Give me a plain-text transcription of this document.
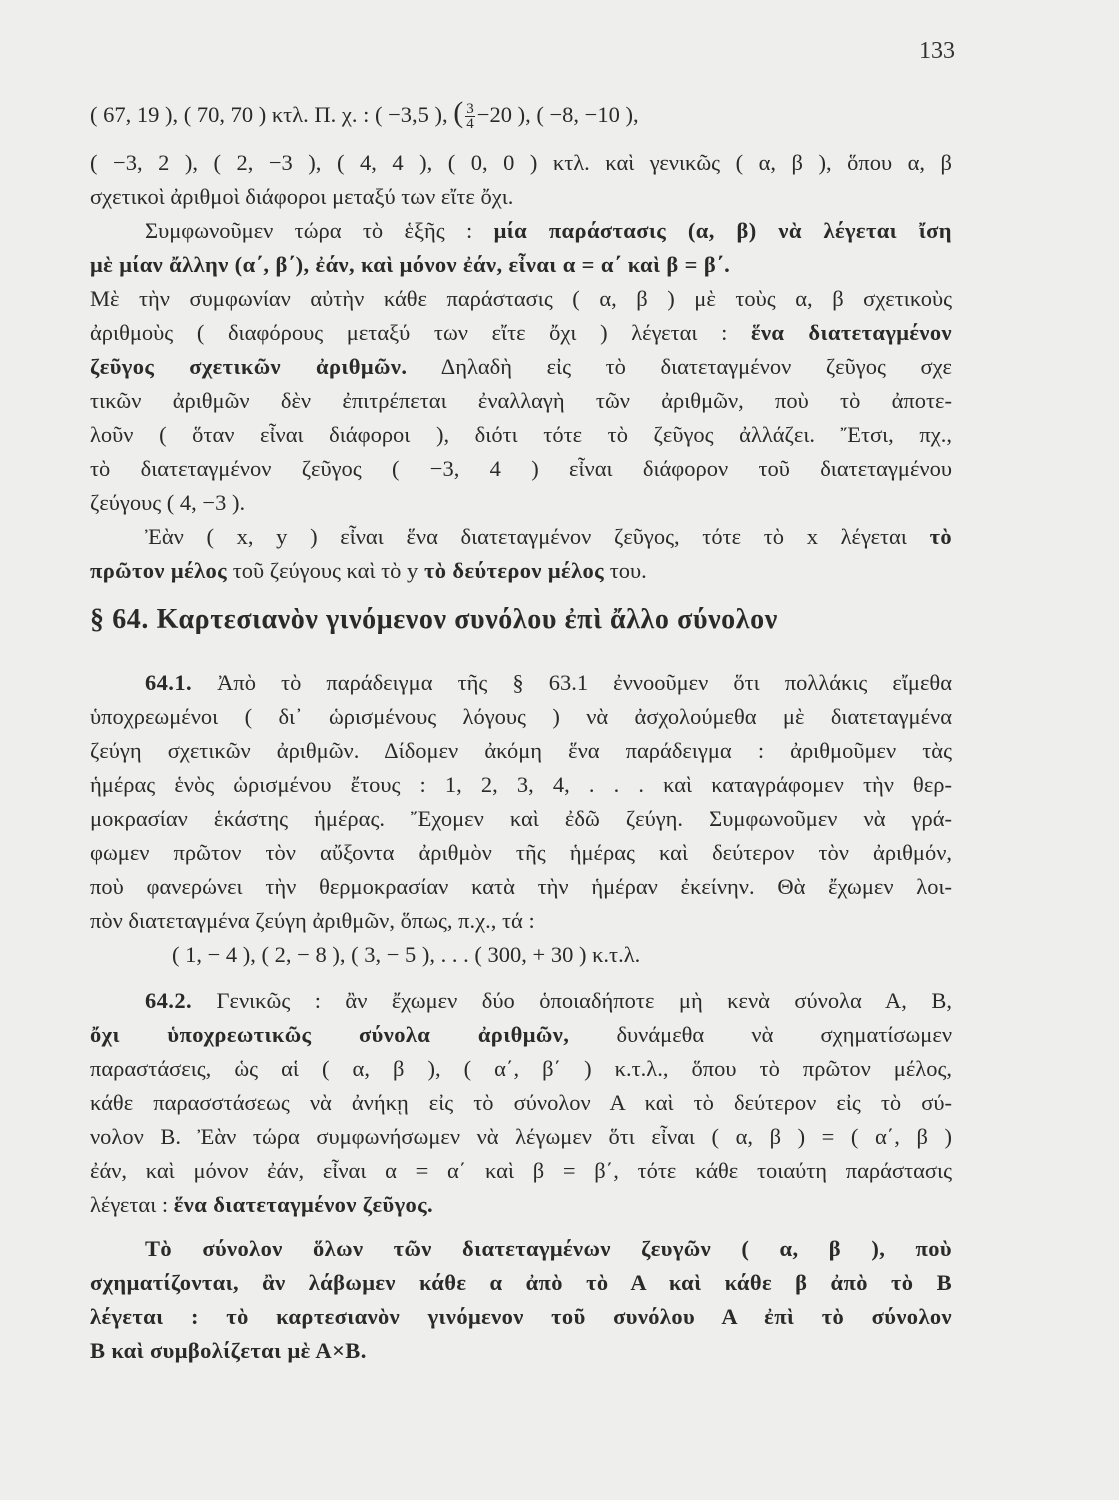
133
( 67, 19 ), ( 70, 70 ) κτλ. Π. χ. : ( −3,5 ), ( $\frac{3}{4} -20$ ), ( −8, −10 ),
( −3, 2 ), ( 2, −3 ), ( 4, 4 ), ( 0, 0 ) κτλ. καὶ γενικῶς ( α, β ), ὅπου α, β
σχετικοὶ ἀριθμοὶ διάφοροι μεταξύ των εἴτε ὄχι.
Συμφωνοῦμεν τώρα τὸ ἑξῆς : μία παράστασις (α, β) νὰ λέγεται ἴση
μὲ μίαν ἄλλην (α΄, β΄), ἐάν, καὶ μόνον ἐάν, εἶναι α = α΄ καὶ β = β΄.
Μὲ τὴν συμφωνίαν αὐτὴν κάθε παράστασις ( α, β ) μὲ τοὺς α, β σχετικοὺς
ἀριθμοὺς ( διαφόρους μεταξύ των εἴτε ὄχι ) λέγεται : ἕνα διατεταγμένον
ζεῦγος σχετικῶν ἀριθμῶν. Δηλαδὴ εἰς τὸ διατεταγμένον ζεῦγος σχε
τικῶν ἀριθμῶν δὲν ἐπιτρέπεται ἐναλλαγὴ τῶν ἀριθμῶν, ποὺ τὸ ἀποτε-
λοῦν ( ὅταν εἶναι διάφοροι ), διότι τότε τὸ ζεῦγος ἀλλάζει. Ἔτσι, πχ.,
τὸ διατεταγμένον ζεῦγος ( −3, 4 ) εἶναι διάφορον τοῦ διατεταγμένου
ζεύγους ( 4, −3 ).
Ἐὰν ( x, y ) εἶναι ἕνα διατεταγμένον ζεῦγος, τότε τὸ x λέγεται τὸ
πρῶτον μέλος τοῦ ζεύγους καὶ τὸ y τὸ δεύτερον μέλος του.
§ 64. Καρτεσιανὸν γινόμενον συνόλου ἐπὶ ἄλλο σύνολον
64.1. Ἀπὸ τὸ παράδειγμα τῆς § 63.1 ἐννοοῦμεν ὅτι πολλάκις εἴμεθα
ὑποχρεωμένοι ( δι᾽ ὡρισμένους λόγους ) νὰ ἀσχολούμεθα μὲ διατεταγμένα
ζεύγη σχετικῶν ἀριθμῶν. Δίδομεν ἀκόμη ἕνα παράδειγμα : ἀριθμοῦμεν τὰς
ἡμέρας ἑνὸς ὡρισμένου ἔτους : 1, 2, 3, 4, . . . καὶ καταγράφομεν τὴν θερ-
μοκρασίαν ἑκάστης ἡμέρας. Ἔχομεν καὶ ἐδῶ ζεύγη. Συμφωνοῦμεν νὰ γρά-
φωμεν πρῶτον τὸν αὔξοντα ἀριθμὸν τῆς ἡμέρας καὶ δεύτερον τὸν ἀριθμόν,
ποὺ φανερώνει τὴν θερμοκρασίαν κατὰ τὴν ἡμέραν ἐκείνην. Θὰ ἔχωμεν λοι-
πὸν διατεταγμένα ζεύγη ἀριθμῶν, ὅπως, π.χ., τά :
( 1, − 4 ), ( 2, − 8 ), ( 3, − 5 ), . . . ( 300, + 30 ) κ.τ.λ.
64.2. Γενικῶς : ἂν ἔχωμεν δύο ὁποιαδήποτε μὴ κενὰ σύνολα Α, Β,
ὄχι ὑποχρεωτικῶς σύνολα ἀριθμῶν, δυνάμεθα νὰ σχηματίσωμεν
παραστάσεις, ὡς αἱ ( α, β ), ( α΄, β΄ ) κ.τ.λ., ὅπου τὸ πρῶτον μέλος,
κάθε παρασστάσεως νὰ ἀνήκῃ εἰς τὸ σύνολον Α καὶ τὸ δεύτερον εἰς τὸ σύ-
νολον Β. Ἐὰν τώρα συμφωνήσωμεν νὰ λέγωμεν ὅτι εἶναι ( α, β ) = ( α΄, β )
ἐάν, καὶ μόνον ἐάν, εἶναι α = α΄ καὶ β = β΄, τότε κάθε τοιαύτη παράστασις
λέγεται : ἕνα διατεταγμένον ζεῦγος.
Τὸ σύνολον ὅλων τῶν διατεταγμένων ζευγῶν ( α, β ), ποὺ
σχηματίζονται, ἂν λάβωμεν κάθε α ἀπὸ τὸ Α καὶ κάθε β ἀπὸ τὸ Β
λέγεται : τὸ καρτεσιανὸν γινόμενον τοῦ συνόλου Α ἐπὶ τὸ σύνολον
Β καὶ συμβολίζεται μὲ Α×Β.
